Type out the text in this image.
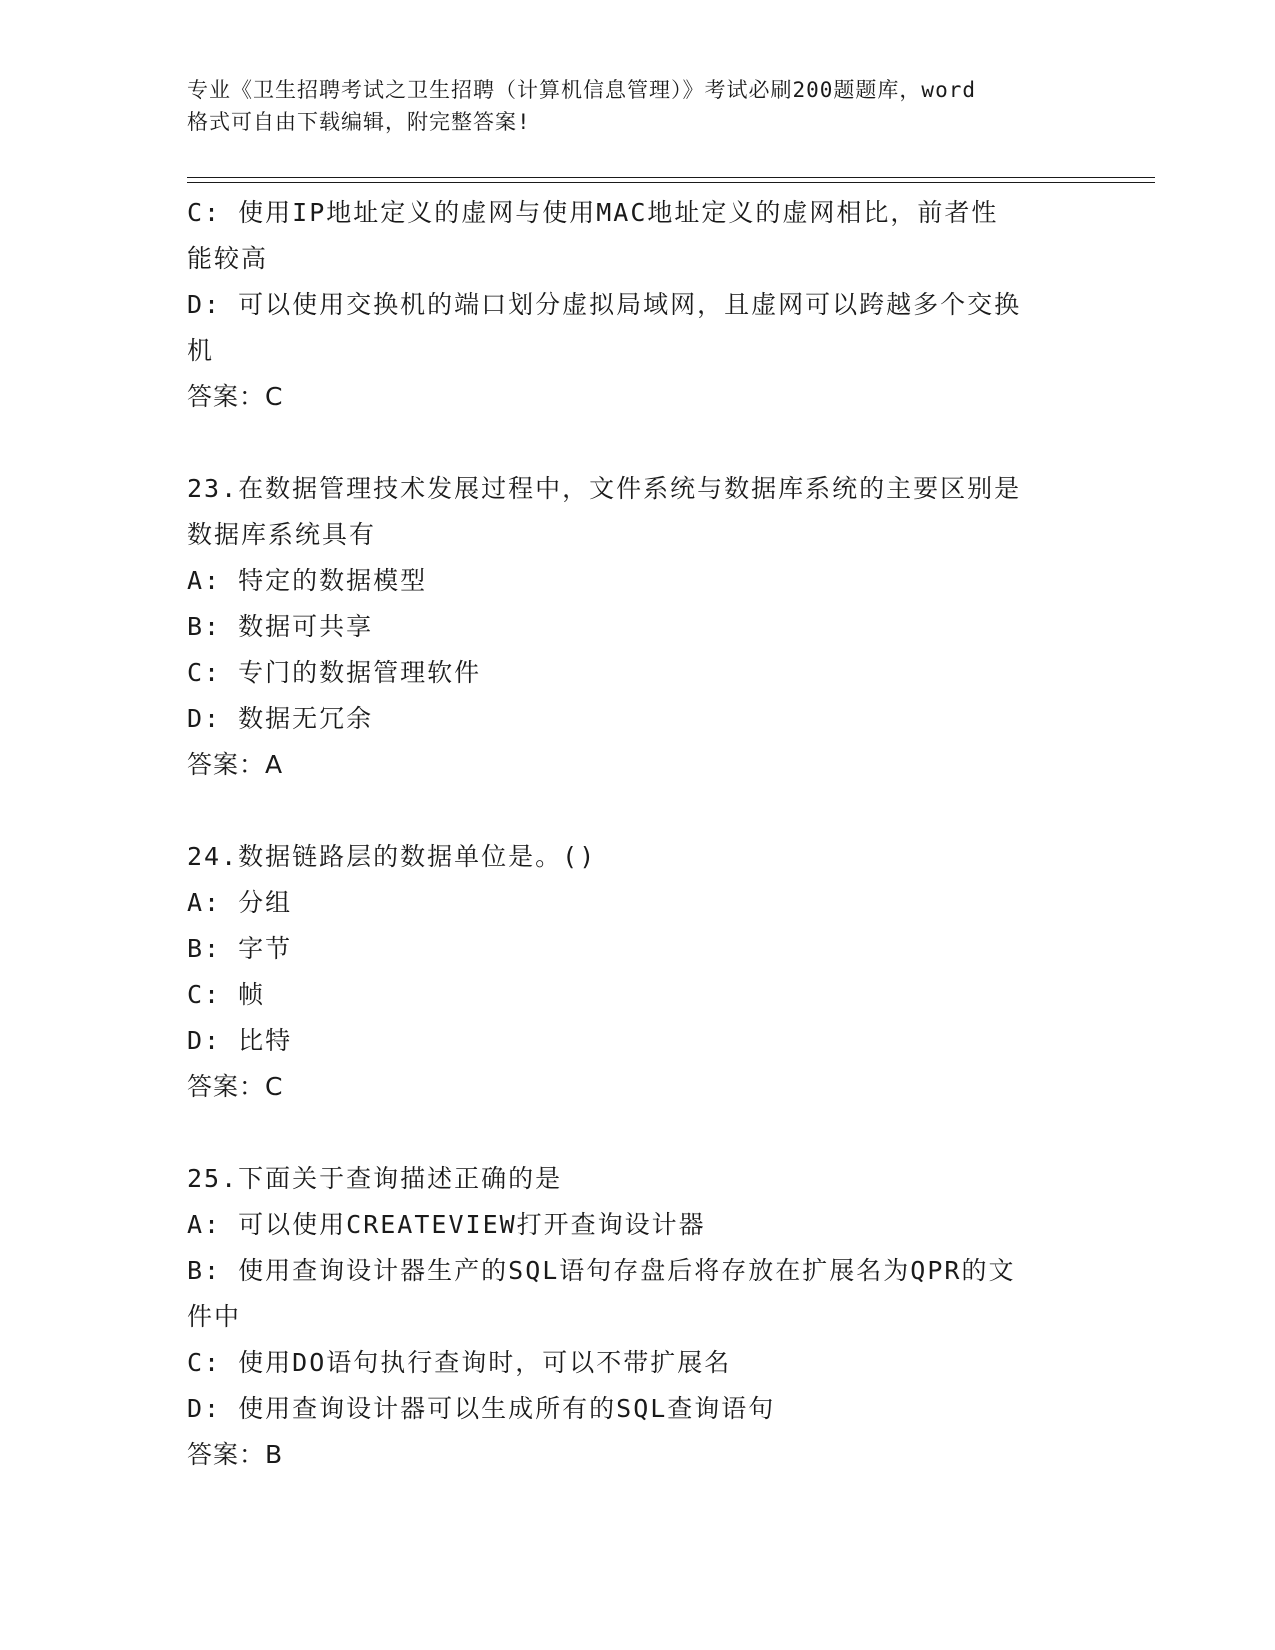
专业《卫生招聘考试之卫生招聘（计算机信息管理）》考试必刷200题题库，word
格式可自由下载编辑，附完整答案!
C: 使用IP地址定义的虚网与使用MAC地址定义的虚网相比，前者性
能较高
D: 可以使用交换机的端口划分虚拟局域网，且虚网可以跨越多个交换
机
答案：C
23.在数据管理技术发展过程中，文件系统与数据库系统的主要区别是
数据库系统具有
A: 特定的数据模型
B: 数据可共享
C: 专门的数据管理软件
D: 数据无冗余
答案：A
24.数据链路层的数据单位是。()
A: 分组
B: 字节
C: 帧
D: 比特
答案：C
25.下面关于查询描述正确的是
A: 可以使用CREATEVIEW打开查询设计器
B: 使用查询设计器生产的SQL语句存盘后将存放在扩展名为QPR的文
件中
C: 使用DO语句执行查询时，可以不带扩展名
D: 使用查询设计器可以生成所有的SQL查询语句
答案：B
